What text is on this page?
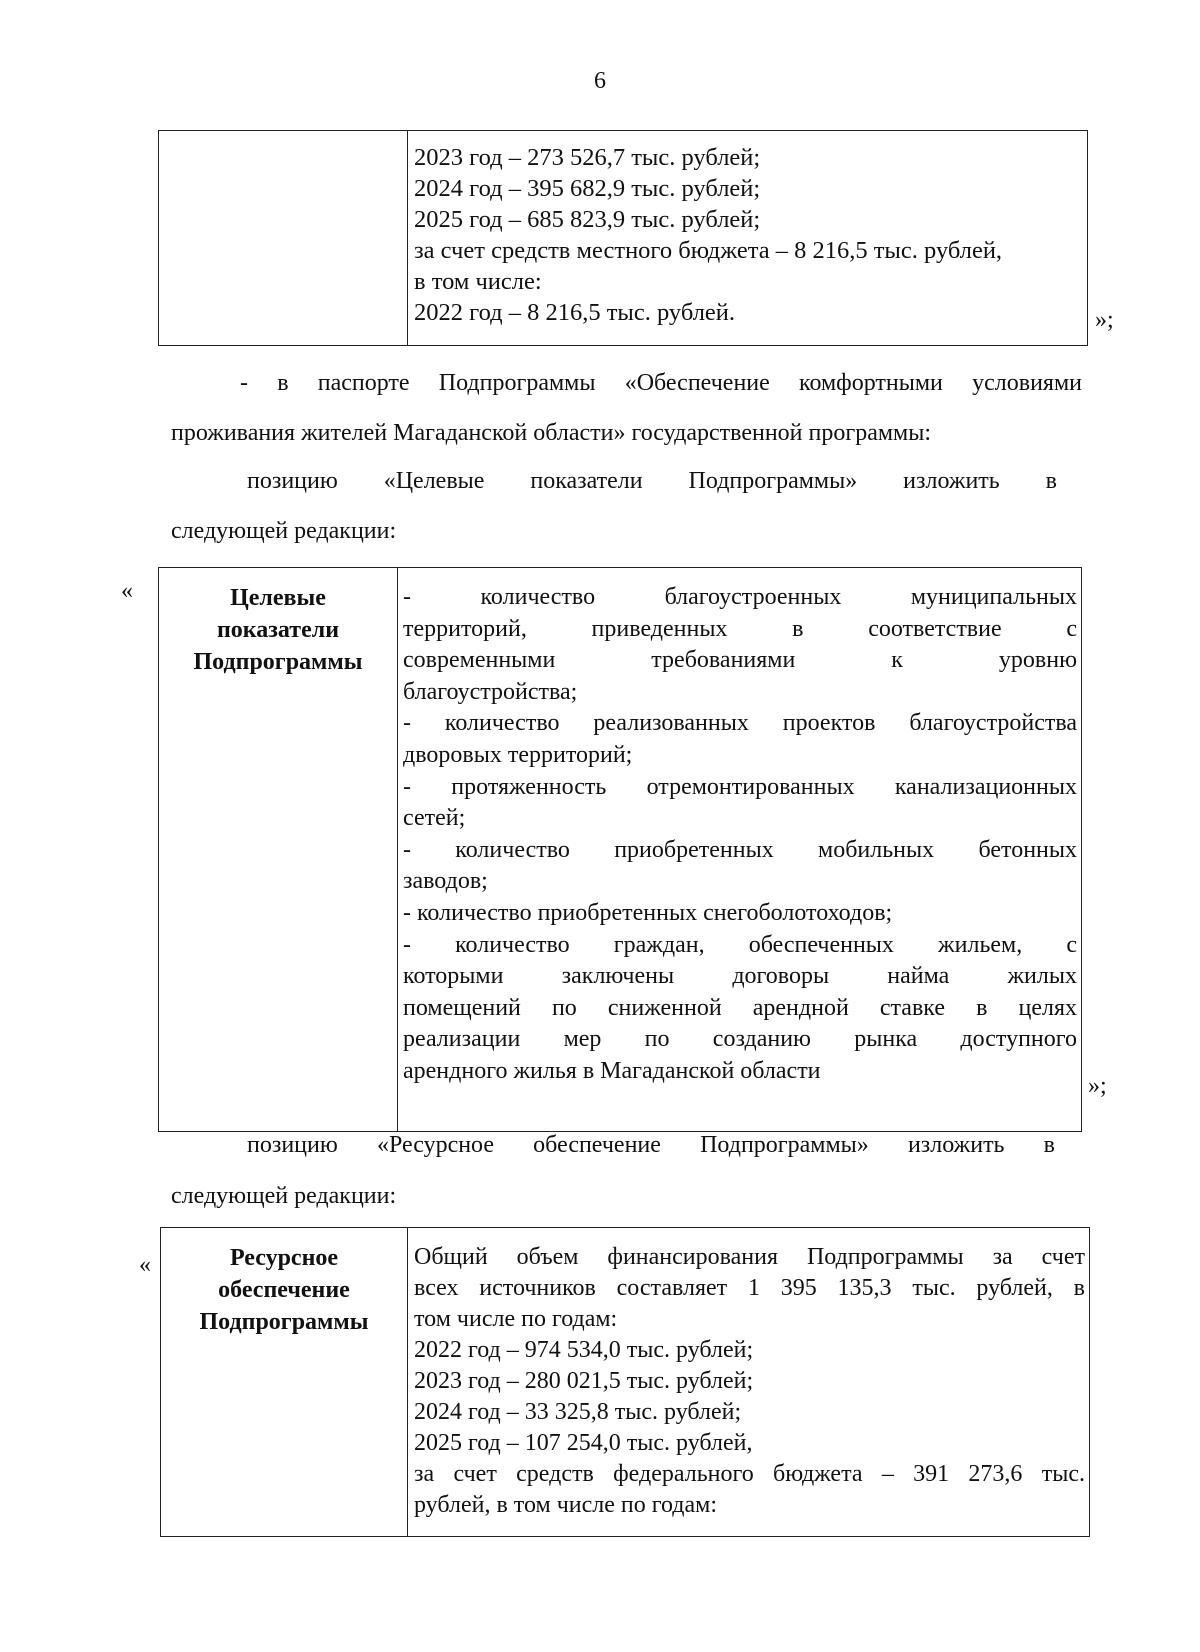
6

2023 год – 273 526,7 тыс. рублей;
2024 год – 395 682,9 тыс. рублей;
2025 год – 685 823,9 тыс. рублей;
за счет средств местного бюджета – 8 216,5 тыс. рублей,
в том числе:
2022 год – 8 216,5 тыс. рублей.	»;
- в паспорте Подпрограммы «Обеспечение комфортными условиями
проживания жителей Магаданской области» государственной программы:
позицию «Целевые показатели Подпрограммы» изложить в
следующей редакции:
«	Целевые
показатели
Подпрограммы

- количество благоустроенных муниципальных
территорий, приведенных в соответствие с
современными требованиями к уровню
благоустройства;
- количество реализованных проектов благоустройства
дворовых территорий;
- протяженность отремонтированных канализационных
сетей;
- количество приобретенных мобильных бетонных
заводов;
- количество приобретенных снегоболотоходов;
- количество граждан, обеспеченных жильем, с
которыми заключены договоры найма жилых
помещений по сниженной арендной ставке в целях
реализации мер по созданию рынка доступного
арендного жилья в Магаданской области
»;
позицию «Ресурсное обеспечение Подпрограммы» изложить в
следующей редакции:
«	Ресурсное
обеспечение
Подпрограммы

Общий объем финансирования Подпрограммы за счет
всех источников составляет 1 395 135,3 тыс. рублей, в
том числе по годам:
2022 год – 974 534,0 тыс. рублей;
2023 год – 280 021,5 тыс. рублей;
2024 год – 33 325,8 тыс. рублей;
2025 год – 107 254,0 тыс. рублей,
за счет средств федерального бюджета – 391 273,6 тыс.
рублей, в том числе по годам:
